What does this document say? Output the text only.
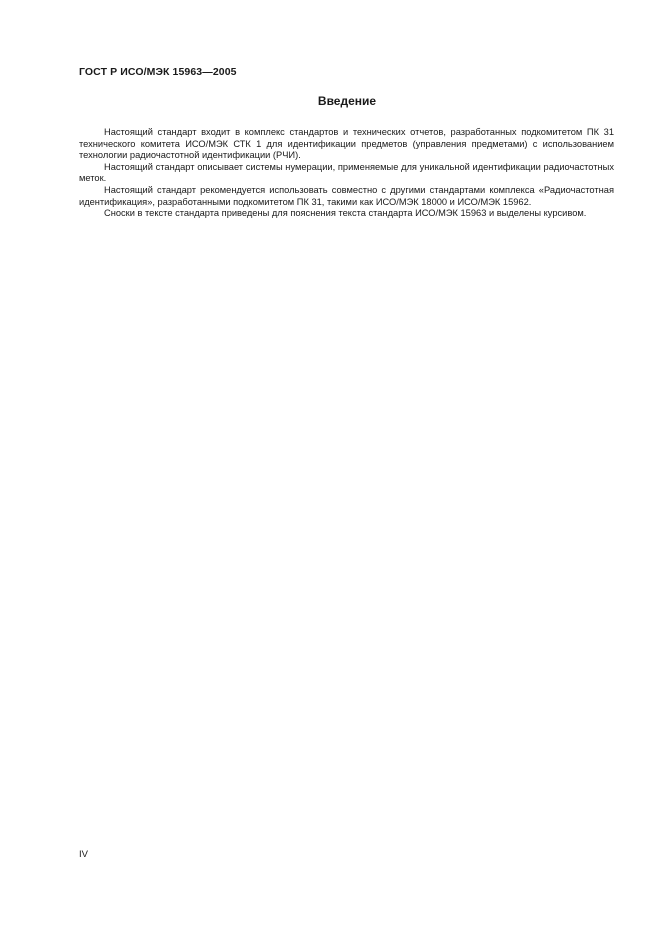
ГОСТ Р ИСО/МЭК 15963—2005
Введение

Настоящий стандарт входит в комплекс стандартов и технических отчетов, разработанных подкомитетом ПК 31 технического комитета ИСО/МЭК СТК 1 для идентификации предметов (управления предметами) с использованием технологии радиочастотной идентификации (РЧИ).

Настоящий стандарт описывает системы нумерации, применяемые для уникальной идентификации радиочастотных меток.

Настоящий стандарт рекомендуется использовать совместно с другими стандартами комплекса «Радиочастотная идентификация», разработанными подкомитетом ПК 31, такими как ИСО/МЭК 18000 и ИСО/МЭК 15962.

Сноски в тексте стандарта приведены для пояснения текста стандарта ИСО/МЭК 15963 и выделены курсивом.

IV
